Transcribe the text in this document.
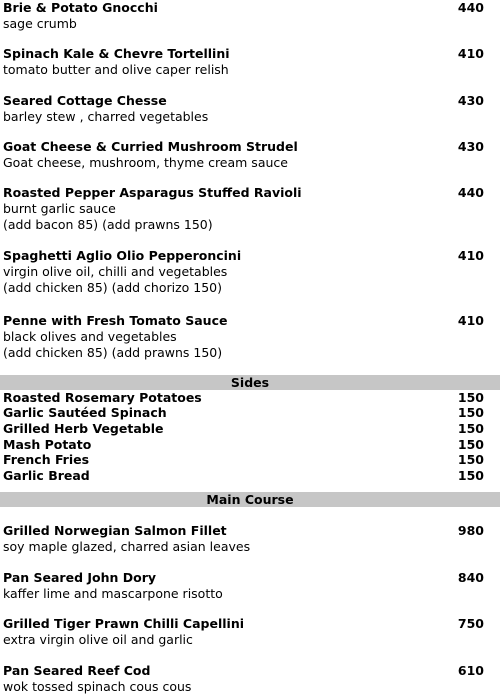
Brie & Potato Gnocchi	440
sage crumb
Spinach Kale & Chevre Tortellini	410
tomato butter and olive caper relish
Seared Cottage Chesse	430
barley stew , charred vegetables
Goat Cheese & Curried Mushroom Strudel	430
Goat cheese, mushroom, thyme cream sauce
Roasted Pepper Asparagus Stuffed Ravioli	440
burnt garlic sauce
(add bacon 85) (add prawns 150)
Spaghetti Aglio Olio Pepperoncini	410
virgin olive oil, chilli and vegetables
(add chicken 85) (add chorizo 150)
Penne with Fresh Tomato Sauce	410
black olives and vegetables
(add chicken 85) (add prawns 150)
Sides
Roasted Rosemary Potatoes	150
Garlic Sautéed Spinach	150
Grilled Herb Vegetable	150
Mash Potato	150
French Fries	150
Garlic Bread	150
Main Course
Grilled Norwegian Salmon Fillet	980
soy maple glazed, charred asian leaves
Pan Seared John Dory	840
kaffer lime and mascarpone risotto
Grilled Tiger Prawn Chilli Capellini	750
extra virgin olive oil and garlic
Pan Seared Reef Cod	610
wok tossed spinach cous cous
